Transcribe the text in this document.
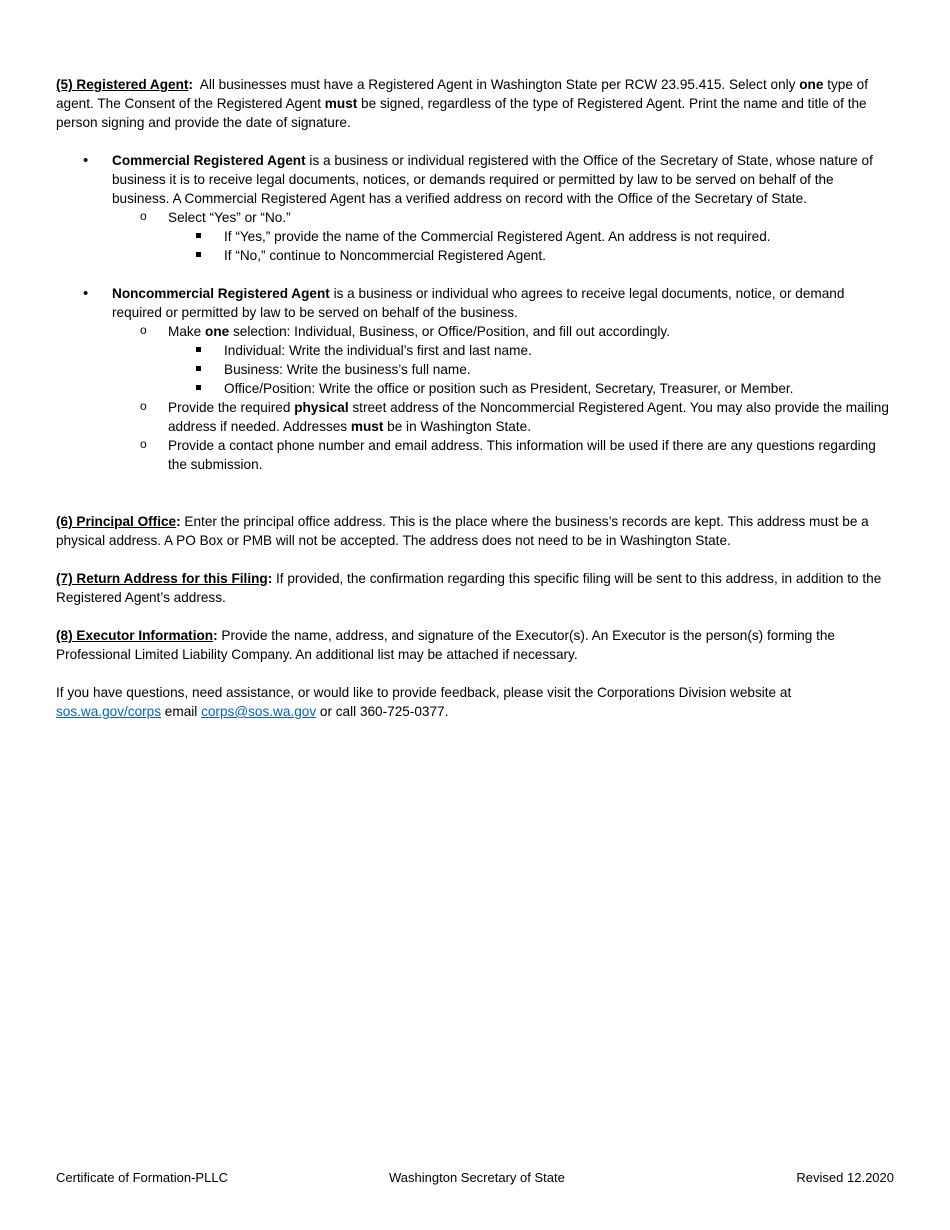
(5) Registered Agent: All businesses must have a Registered Agent in Washington State per RCW 23.95.415. Select only one type of agent. The Consent of the Registered Agent must be signed, regardless of the type of Registered Agent. Print the name and title of the person signing and provide the date of signature.

• Commercial Registered Agent is a business or individual registered with the Office of the Secretary of State, whose nature of business it is to receive legal documents, notices, or demands required or permitted by law to be served on behalf of the business. A Commercial Registered Agent has a verified address on record with the Office of the Secretary of State.
o Select “Yes” or “No.”
If “Yes,” provide the name of the Commercial Registered Agent. An address is not required.
If “No,” continue to Noncommercial Registered Agent.
• Noncommercial Registered Agent is a business or individual who agrees to receive legal documents, notice, or demand required or permitted by law to be served on behalf of the business.
o Make one selection: Individual, Business, or Office/Position, and fill out accordingly.
Individual: Write the individual’s first and last name.
Business: Write the business’s full name.
Office/Position: Write the office or position such as President, Secretary, Treasurer, or Member.
o Provide the required physical street address of the Noncommercial Registered Agent. You may also provide the mailing address if needed. Addresses must be in Washington State.
o Provide a contact phone number and email address. This information will be used if there are any questions regarding the submission.

(6) Principal Office: Enter the principal office address. This is the place where the business’s records are kept. This address must be a physical address. A PO Box or PMB will not be accepted. The address does not need to be in Washington State.

(7) Return Address for this Filing: If provided, the confirmation regarding this specific filing will be sent to this address, in addition to the Registered Agent’s address.

(8) Executor Information: Provide the name, address, and signature of the Executor(s). An Executor is the person(s) forming the Professional Limited Liability Company. An additional list may be attached if necessary.

If you have questions, need assistance, or would like to provide feedback, please visit the Corporations Division website at sos.wa.gov/corps email corps@sos.wa.gov or call 360-725-0377.

Certificate of Formation-PLLC	Washington Secretary of State	Revised 12.2020
